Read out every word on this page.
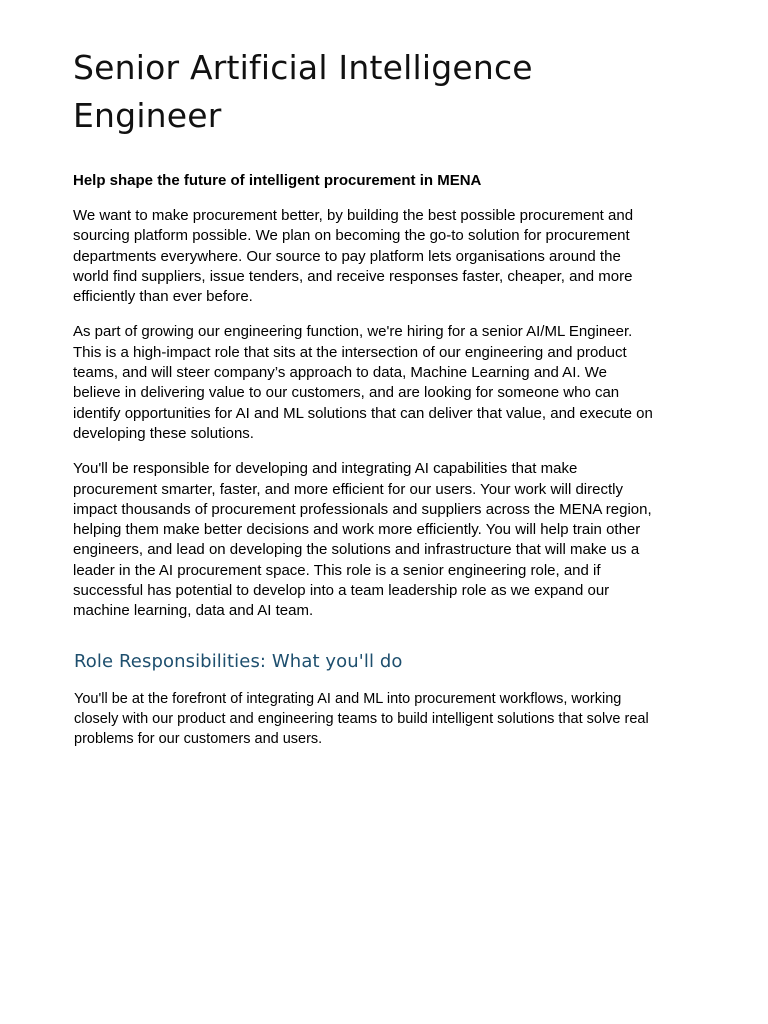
Senior Artificial Intelligence
Engineer

Help shape the future of intelligent procurement in MENA

We want to make procurement better, by building the best possible procurement and sourcing platform possible. We plan on becoming the go-to solution for procurement departments everywhere. Our source to pay platform lets organisations around the world find suppliers, issue tenders, and receive responses faster, cheaper, and more efficiently than ever before.

As part of growing our engineering function, we're hiring for a senior AI/ML Engineer. This is a high-impact role that sits at the intersection of our engineering and product teams, and will steer company’s approach to data, Machine Learning and AI. We believe in delivering value to our customers, and are looking for someone who can identify opportunities for AI and ML solutions that can deliver that value, and execute on developing these solutions.

You'll be responsible for developing and integrating AI capabilities that make procurement smarter, faster, and more efficient for our users. Your work will directly impact thousands of procurement professionals and suppliers across the MENA region, helping them make better decisions and work more efficiently. You will help train other engineers, and lead on developing the solutions and infrastructure that will make us a leader in the AI procurement space. This role is a senior engineering role, and if successful has potential to develop into a team leadership role as we expand our machine learning, data and AI team.

Role Responsibilities: What you'll do

You'll be at the forefront of integrating AI and ML into procurement workflows, working closely with our product and engineering teams to build intelligent solutions that solve real problems for our customers and users.
